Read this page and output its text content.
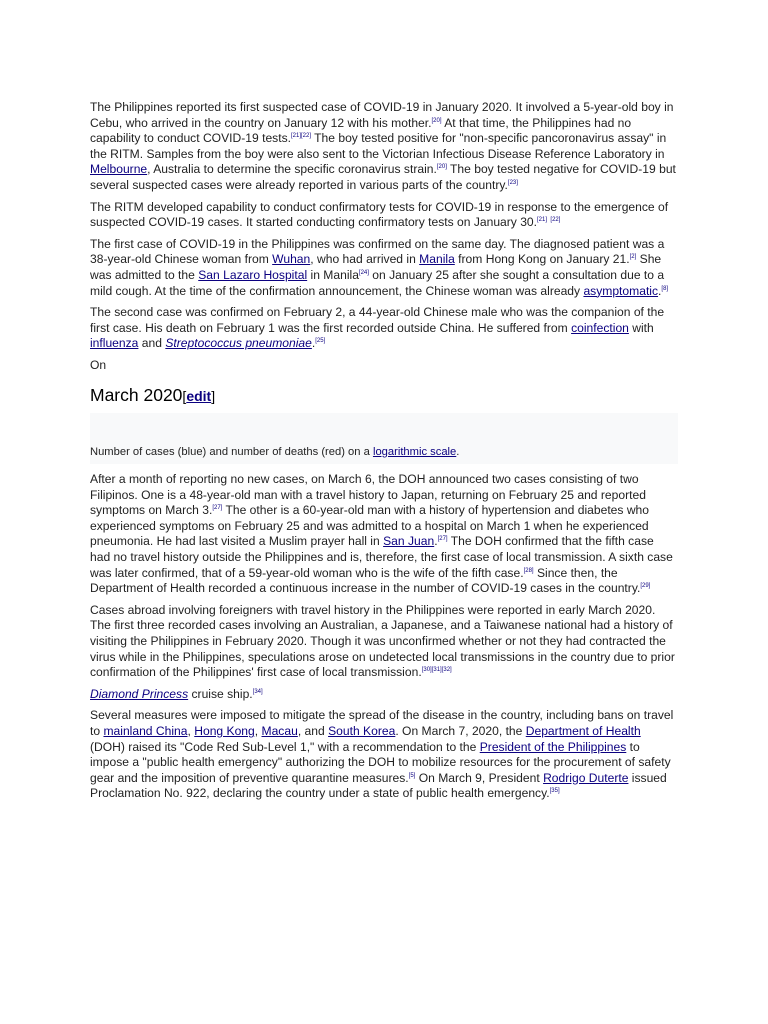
The Philippines reported its first suspected case of COVID-19 in January 2020. It involved a 5-year-old boy in Cebu, who arrived in the country on January 12 with his mother.[20] At that time, the Philippines had no capability to conduct COVID-19 tests.[21][22] The boy tested positive for "non-specific pancoronavirus assay" in the RITM. Samples from the boy were also sent to the Victorian Infectious Disease Reference Laboratory in Melbourne, Australia to determine the specific coronavirus strain.[20] The boy tested negative for COVID-19 but several suspected cases were already reported in various parts of the country.[23]

The RITM developed capability to conduct confirmatory tests for COVID-19 in response to the emergence of suspected COVID-19 cases. It started conducting confirmatory tests on January 30.[21] [22]

The first case of COVID-19 in the Philippines was confirmed on the same day. The diagnosed patient was a 38-year-old Chinese woman from Wuhan, who had arrived in Manila from Hong Kong on January 21.[2] She was admitted to the San Lazaro Hospital in Manila[24] on January 25 after she sought a consultation due to a mild cough. At the time of the confirmation announcement, the Chinese woman was already asymptomatic.[8]

The second case was confirmed on February 2, a 44-year-old Chinese male who was the companion of the first case. His death on February 1 was the first recorded outside China. He suffered from coinfection with influenza and Streptococcus pneumoniae.[25]

On

March 2020[edit]

Number of cases (blue) and number of deaths (red) on a logarithmic scale.

After a month of reporting no new cases, on March 6, the DOH announced two cases consisting of two Filipinos. One is a 48-year-old man with a travel history to Japan, returning on February 25 and reported symptoms on March 3.[27] The other is a 60-year-old man with a history of hypertension and diabetes who experienced symptoms on February 25 and was admitted to a hospital on March 1 when he experienced pneumonia. He had last visited a Muslim prayer hall in San Juan.[27] The DOH confirmed that the fifth case had no travel history outside the Philippines and is, therefore, the first case of local transmission. A sixth case was later confirmed, that of a 59-year-old woman who is the wife of the fifth case.[28] Since then, the Department of Health recorded a continuous increase in the number of COVID-19 cases in the country.[29]

Cases abroad involving foreigners with travel history in the Philippines were reported in early March 2020. The first three recorded cases involving an Australian, a Japanese, and a Taiwanese national had a history of visiting the Philippines in February 2020. Though it was unconfirmed whether or not they had contracted the virus while in the Philippines, speculations arose on undetected local transmissions in the country due to prior confirmation of the Philippines' first case of local transmission.[30][31][32]

Diamond Princess cruise ship.[34]

Several measures were imposed to mitigate the spread of the disease in the country, including bans on travel to mainland China, Hong Kong, Macau, and South Korea. On March 7, 2020, the Department of Health (DOH) raised its "Code Red Sub-Level 1," with a recommendation to the President of the Philippines to impose a "public health emergency" authorizing the DOH to mobilize resources for the procurement of safety gear and the imposition of preventive quarantine measures.[5] On March 9, President Rodrigo Duterte issued Proclamation No. 922, declaring the country under a state of public health emergency.[35]
